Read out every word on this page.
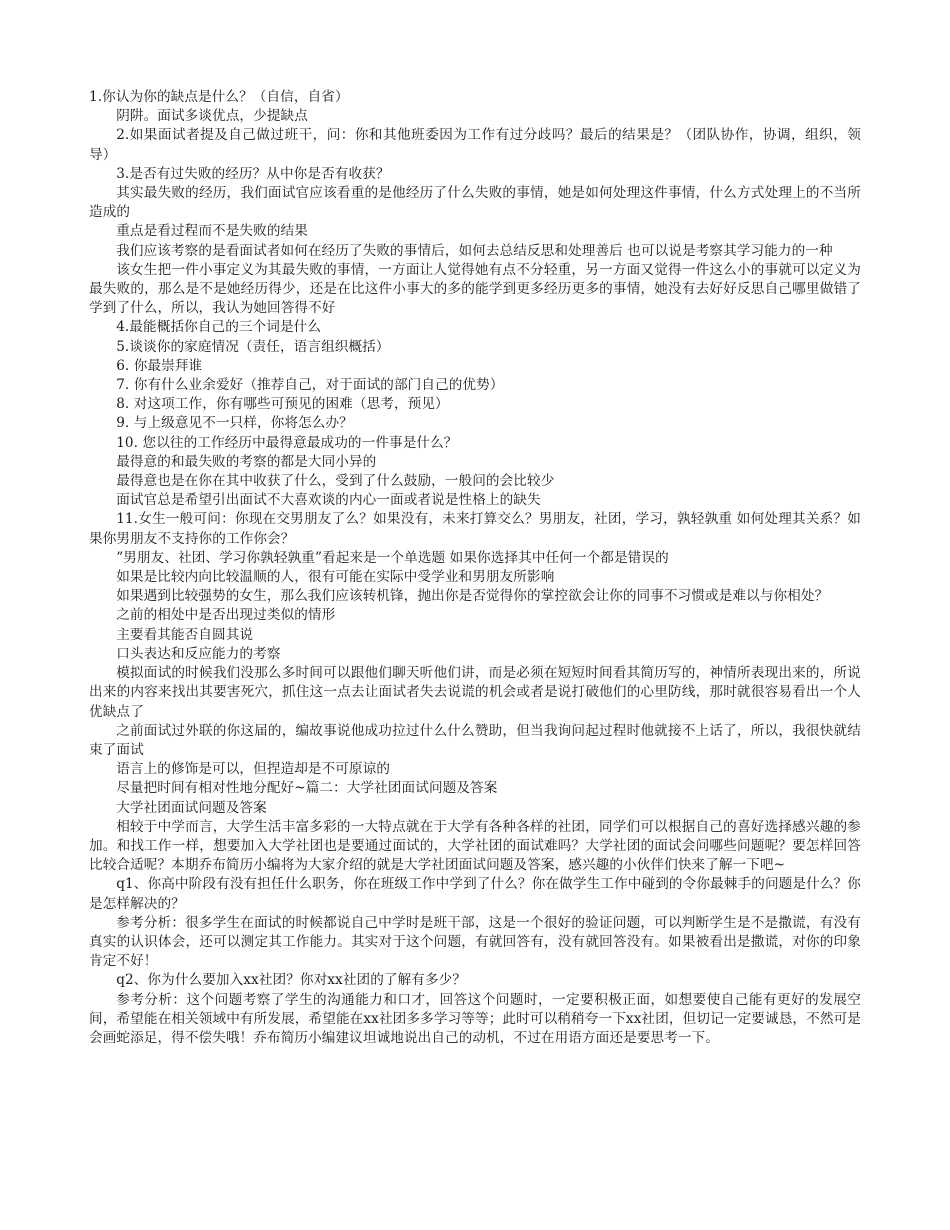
1.你认为你的缺点是什么？（自信，自省）

阴阱。面试多谈优点，少提缺点

2.如果面试者提及自己做过班干，问：你和其他班委因为工作有过分歧吗？最后的结果是？（团队协作，协调，组织，领导）

3.是否有过失败的经历？从中你是否有收获？

其实最失败的经历，我们面试官应该看重的是他经历了什么失败的事情，她是如何处理这件事情，什么方式处理上的不当所造成的

重点是看过程而不是失败的结果

我们应该考察的是看面试者如何在经历了失败的事情后，如何去总结反思和处理善后 也可以说是考察其学习能力的一种

该女生把一件小事定义为其最失败的事情，一方面让人觉得她有点不分轻重，另一方面又觉得一件这么小的事就可以定义为最失败的，那么是不是她经历得少，还是在比这件小事大的多的能学到更多经历更多的事情，她没有去好好反思自己哪里做错了学到了什么，所以，我认为她回答得不好

4.最能概括你自己的三个词是什么

5.谈谈你的家庭情况（责任，语言组织概括）

6. 你最崇拜谁

7. 你有什么业余爱好（推荐自己，对于面试的部门自己的优势）

8. 对这项工作，你有哪些可预见的困难（思考，预见）

9. 与上级意见不一只样，你将怎么办？

10. 您以往的工作经历中最得意最成功的一件事是什么？

最得意的和最失败的考察的都是大同小异的

最得意也是在你在其中收获了什么，受到了什么鼓励，一般问的会比较少

面试官总是希望引出面试不大喜欢谈的内心一面或者说是性格上的缺失

11.女生一般可问：你现在交男朋友了么？如果没有，未来打算交么？男朋友，社团，学习，孰轻孰重 如何处理其关系？如果你男朋友不支持你的工作你会？

”男朋友、社团、学习你孰轻孰重”看起来是一个单选题 如果你选择其中任何一个都是错误的

如果是比较内向比较温顺的人，很有可能在实际中受学业和男朋友所影响

如果遇到比较强势的女生，那么我们应该转机锋，抛出你是否觉得你的掌控欲会让你的同事不习惯或是难以与你相处？

之前的相处中是否出现过类似的情形

主要看其能否自圆其说

口头表达和反应能力的考察

模拟面试的时候我们没那么多时间可以跟他们聊天听他们讲，而是必须在短短时间看其简历写的，神情所表现出来的，所说出来的内容来找出其要害死穴，抓住这一点去让面试者失去说谎的机会或者是说打破他们的心里防线，那时就很容易看出一个人优缺点了

之前面试过外联的你这届的，编故事说他成功拉过什么什么赞助，但当我询问起过程时他就接不上话了，所以，我很快就结束了面试

语言上的修饰是可以，但捏造却是不可原谅的

尽量把时间有相对性地分配好~篇二：大学社团面试问题及答案

大学社团面试问题及答案

相较于中学而言，大学生活丰富多彩的一大特点就在于大学有各种各样的社团，同学们可以根据自己的喜好选择感兴趣的参加。和找工作一样，想要加入大学社团也是要通过面试的，大学社团的面试难吗？大学社团的面试会问哪些问题呢？要怎样回答比较合适呢？本期乔布简历小编将为大家介绍的就是大学社团面试问题及答案，感兴趣的小伙伴们快来了解一下吧~

q1、你高中阶段有没有担任什么职务，你在班级工作中学到了什么？你在做学生工作中碰到的令你最棘手的问题是什么？你是怎样解决的？

参考分析：很多学生在面试的时候都说自己中学时是班干部，这是一个很好的验证问题，可以判断学生是不是撒谎，有没有真实的认识体会，还可以测定其工作能力。其实对于这个问题，有就回答有，没有就回答没有。如果被看出是撒谎，对你的印象肯定不好！

q2、你为什么要加入xx社团？你对xx社团的了解有多少？

参考分析：这个问题考察了学生的沟通能力和口才，回答这个问题时，一定要积极正面，如想要使自己能有更好的发展空间，希望能在相关领域中有所发展，希望能在xx社团多多学习等等；此时可以稍稍夸一下xx社团，但切记一定要诚恳，不然可是会画蛇添足，得不偿失哦！乔布简历小编建议坦诚地说出自己的动机，不过在用语方面还是要思考一下。
